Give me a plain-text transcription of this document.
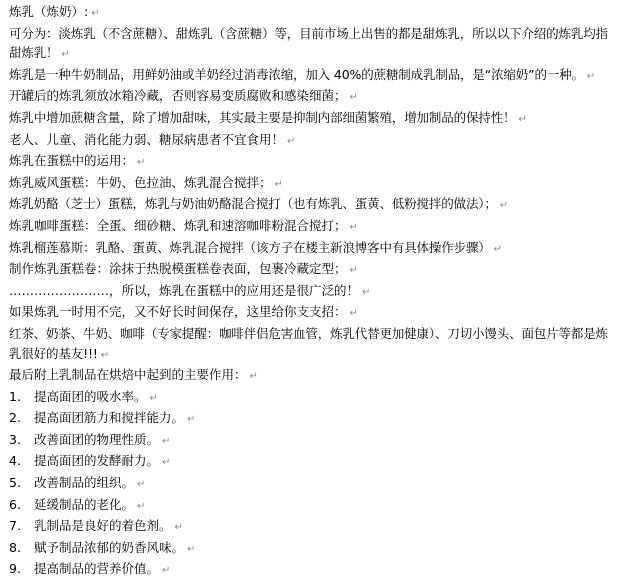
炼乳（炼奶）: ↵
可分为：淡炼乳（不含蔗糖）、甜炼乳（含蔗糖）等，目前市场上出售的都是甜炼乳，所以以下介绍的炼乳均指甜炼乳！ ↵
炼乳是一种牛奶制品，用鲜奶油或羊奶经过消毒浓缩，加入 40%的蔗糖制成乳制品，是“浓缩奶”的一种。 ↵
开罐后的炼乳须放冰箱冷藏，否则容易变质腐败和感染细菌； ↵
炼乳中增加蔗糖含量，除了增加甜味，其实最主要是抑制内部细菌繁殖，增加制品的保持性！ ↵
老人、儿童、消化能力弱、糖尿病患者不宜食用！ ↵
炼乳在蛋糕中的运用： ↵
炼乳威风蛋糕：牛奶、色拉油、炼乳混合搅拌； ↵
炼乳奶酪（芝士）蛋糕，炼乳与奶油奶酪混合搅打（也有炼乳、蛋黄、低粉搅拌的做法）； ↵
炼乳咖啡蛋糕：全蛋、细砂糖、炼乳和速溶咖啡粉混合搅打； ↵
炼乳榴莲慕斯：乳酪、蛋黄、炼乳混合搅拌（该方子在楼主新浪博客中有具体操作步骤） ↵
制作炼乳蛋糕卷：涂抹于热脱模蛋糕卷表面，包裹冷藏定型； ↵
……………………，所以，炼乳在蛋糕中的应用还是很广泛的！ ↵
如果炼乳一时用不完，又不好长时间保存，这里给你支支招： ↵
红茶、奶茶、牛奶、咖啡（专家提醒：咖啡伴侣危害血管，炼乳代替更加健康）、刀切小馒头、面包片等都是炼乳很好的基友!!! ↵
最后附上乳制品在烘焙中起到的主要作用： ↵
1. 提高面团的吸水率。 ↵
2. 提高面团筋力和搅拌能力。 ↵
3. 改善面团的物理性质。 ↵
4. 提高面团的发酵耐力。 ↵
5. 改善制品的组织。 ↵
6. 延缓制品的老化。 ↵
7. 乳制品是良好的着色剂。 ↵
8. 赋予制品浓郁的奶香风味。 ↵
9. 提高制品的营养价值。 ↵
